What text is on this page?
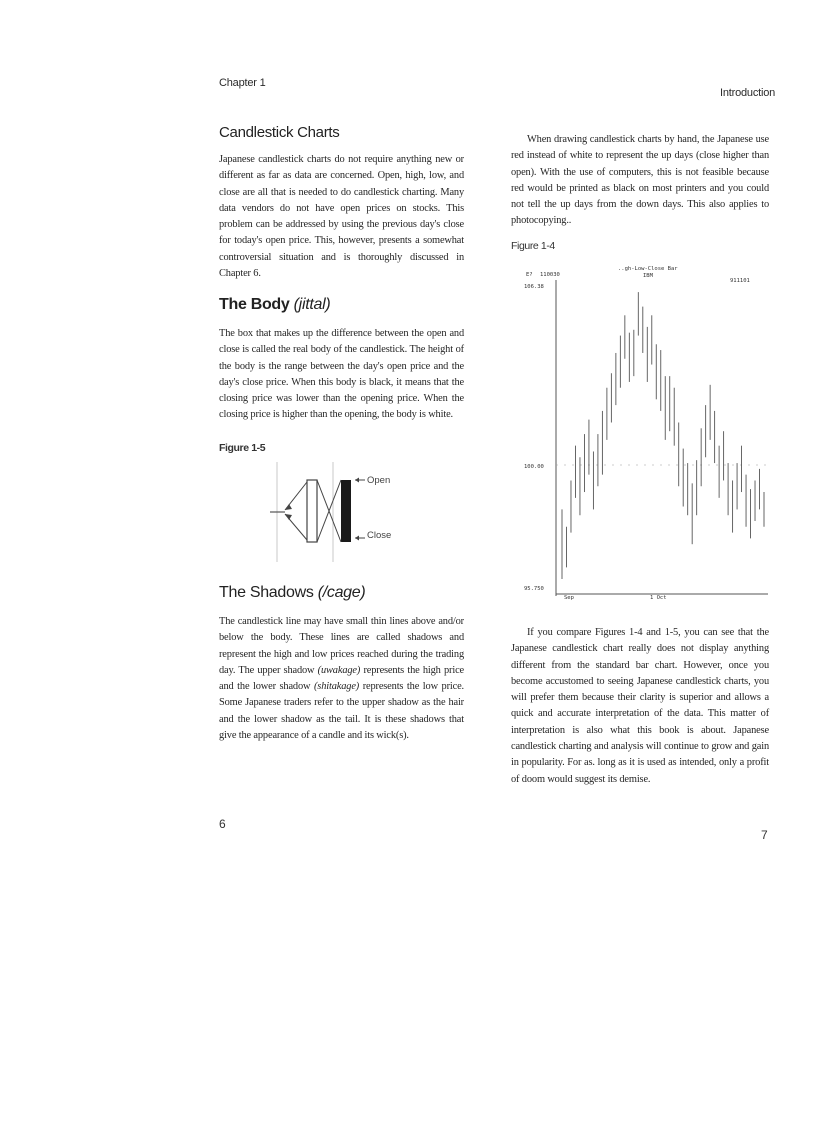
Chapter 1
Candlestick Charts
Japanese candlestick charts do not require anything new or different as far as data are concerned. Open, high, low, and close are all that is needed to do candlestick charting. Many data vendors do not have open prices on stocks. This problem can be addressed by using the previous day's close for today's open price. This, however, presents a somewhat controversial situation and is thoroughly discussed in Chapter 6.
The Body (jittal)
The box that makes up the difference between the open and close is called the real body of the candlestick. The height of the body is the range between the day's open price and the day's close price. When this body is black, it means that the closing price was lower than the opening price. When the closing price is higher than the opening, the body is white.
Figure 1-5
Open
Close
The Shadows (/cage)
The candlestick line may have small thin lines above and/or below the body. These lines are called shadows and represent the high and low prices reached during the trading day. The upper shadow (uwakage) represents the high price and the lower shadow (shitakage) represents the low price. Some Japanese traders refer to the upper shadow as the hair and the lower shadow as the tail. It is these shadows that give the appearance of a candle and its wick(s).
6
Introduction
When drawing candlestick charts by hand, the Japanese use red instead of white to represent the up days (close higher than open). With the use of computers, this is not feasible because red would be printed as black on most printers and you could not tell the up days from the down days. This also applies to photocopying..
Figure 1-4
E? 110030
..gh-Low-Close Bar
IBM
911101
106.38
100.00
95.750
Sep	1 Oct
If you compare Figures 1-4 and 1-5, you can see that the Japanese candlestick chart really does not display anything different from the standard bar chart. However, once you become accustomed to seeing Japanese candlestick charts, you will prefer them because their clarity is superior and allows a quick and accurate interpretation of the data. This matter of interpretation is also what this book is about. Japanese candlestick charting and analysis will continue to grow and gain in popularity. For as. long as it is used as intended, only a profit of doom would suggest its demise.
7
